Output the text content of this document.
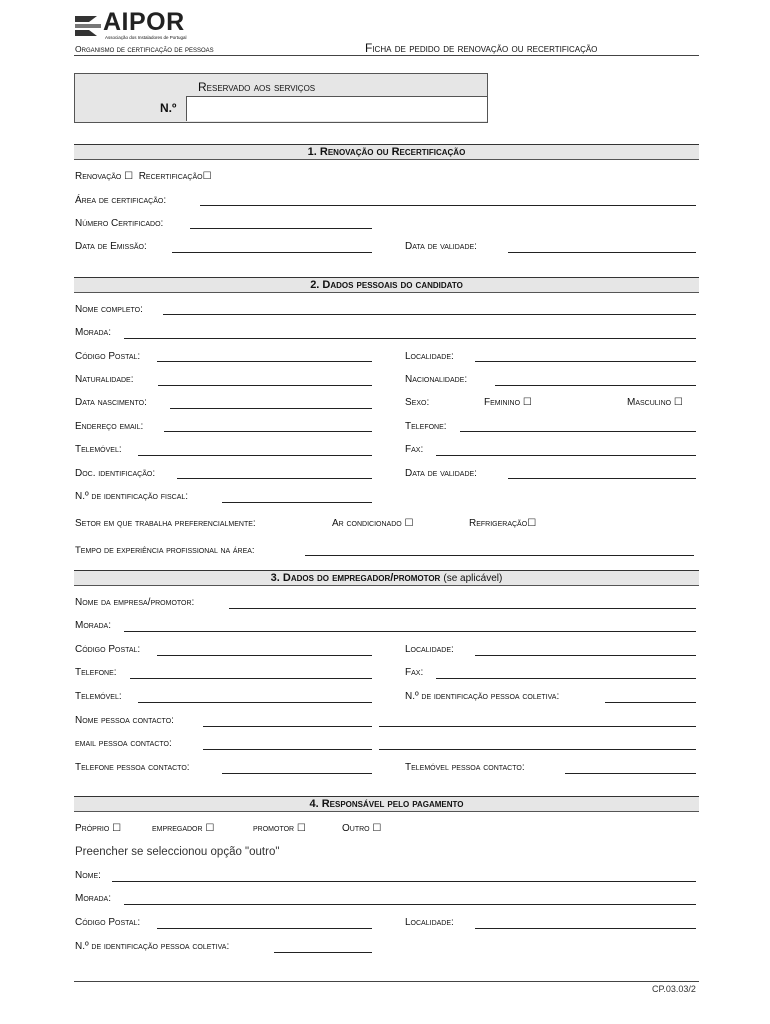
AIPOR
Associação dos Instaladores de Portugal
Organismo de certificação de pessoas	Ficha de pedido de renovação ou recertificação
Reservado aos serviços
N.º
1. Renovação ou Recertificação
Renovação ☐  Recertificação☐
Área de certificação:
Número Certificado:
Data de Emissão:	Data de validade:
2. Dados pessoais do candidato
Nome completo:
Morada:
Código Postal:	Localidade:
Naturalidade:	Nacionalidade:
Data nascimento:	Sexo:	Feminino ☐	Masculino ☐
Endereço email:	Telefone:
Telemóvel:	Fax:
Doc. identificação:	Data de validade:
N.º de identificação fiscal:
Setor em que trabalha preferencialmente:	Ar condicionado ☐	Refrigeração☐
Tempo de experiência profissional na área:
3. Dados do empregador/promotor (se aplicável)
Nome da empresa/promotor:
Morada:
Código Postal:	Localidade:
Telefone:	Fax:
Telemóvel:	N.º de identificação pessoa coletiva:
Nome pessoa contacto:
email pessoa contacto:
Telefone pessoa contacto:	Telemóvel pessoa contacto:
4. Responsável pelo pagamento
Próprio ☐	empregador ☐	promotor ☐	Outro ☐
Preencher se seleccionou opção "outro"
Nome:
Morada:
Código Postal:	Localidade:
N.º de identificação pessoa coletiva:
CP.03.03/2
